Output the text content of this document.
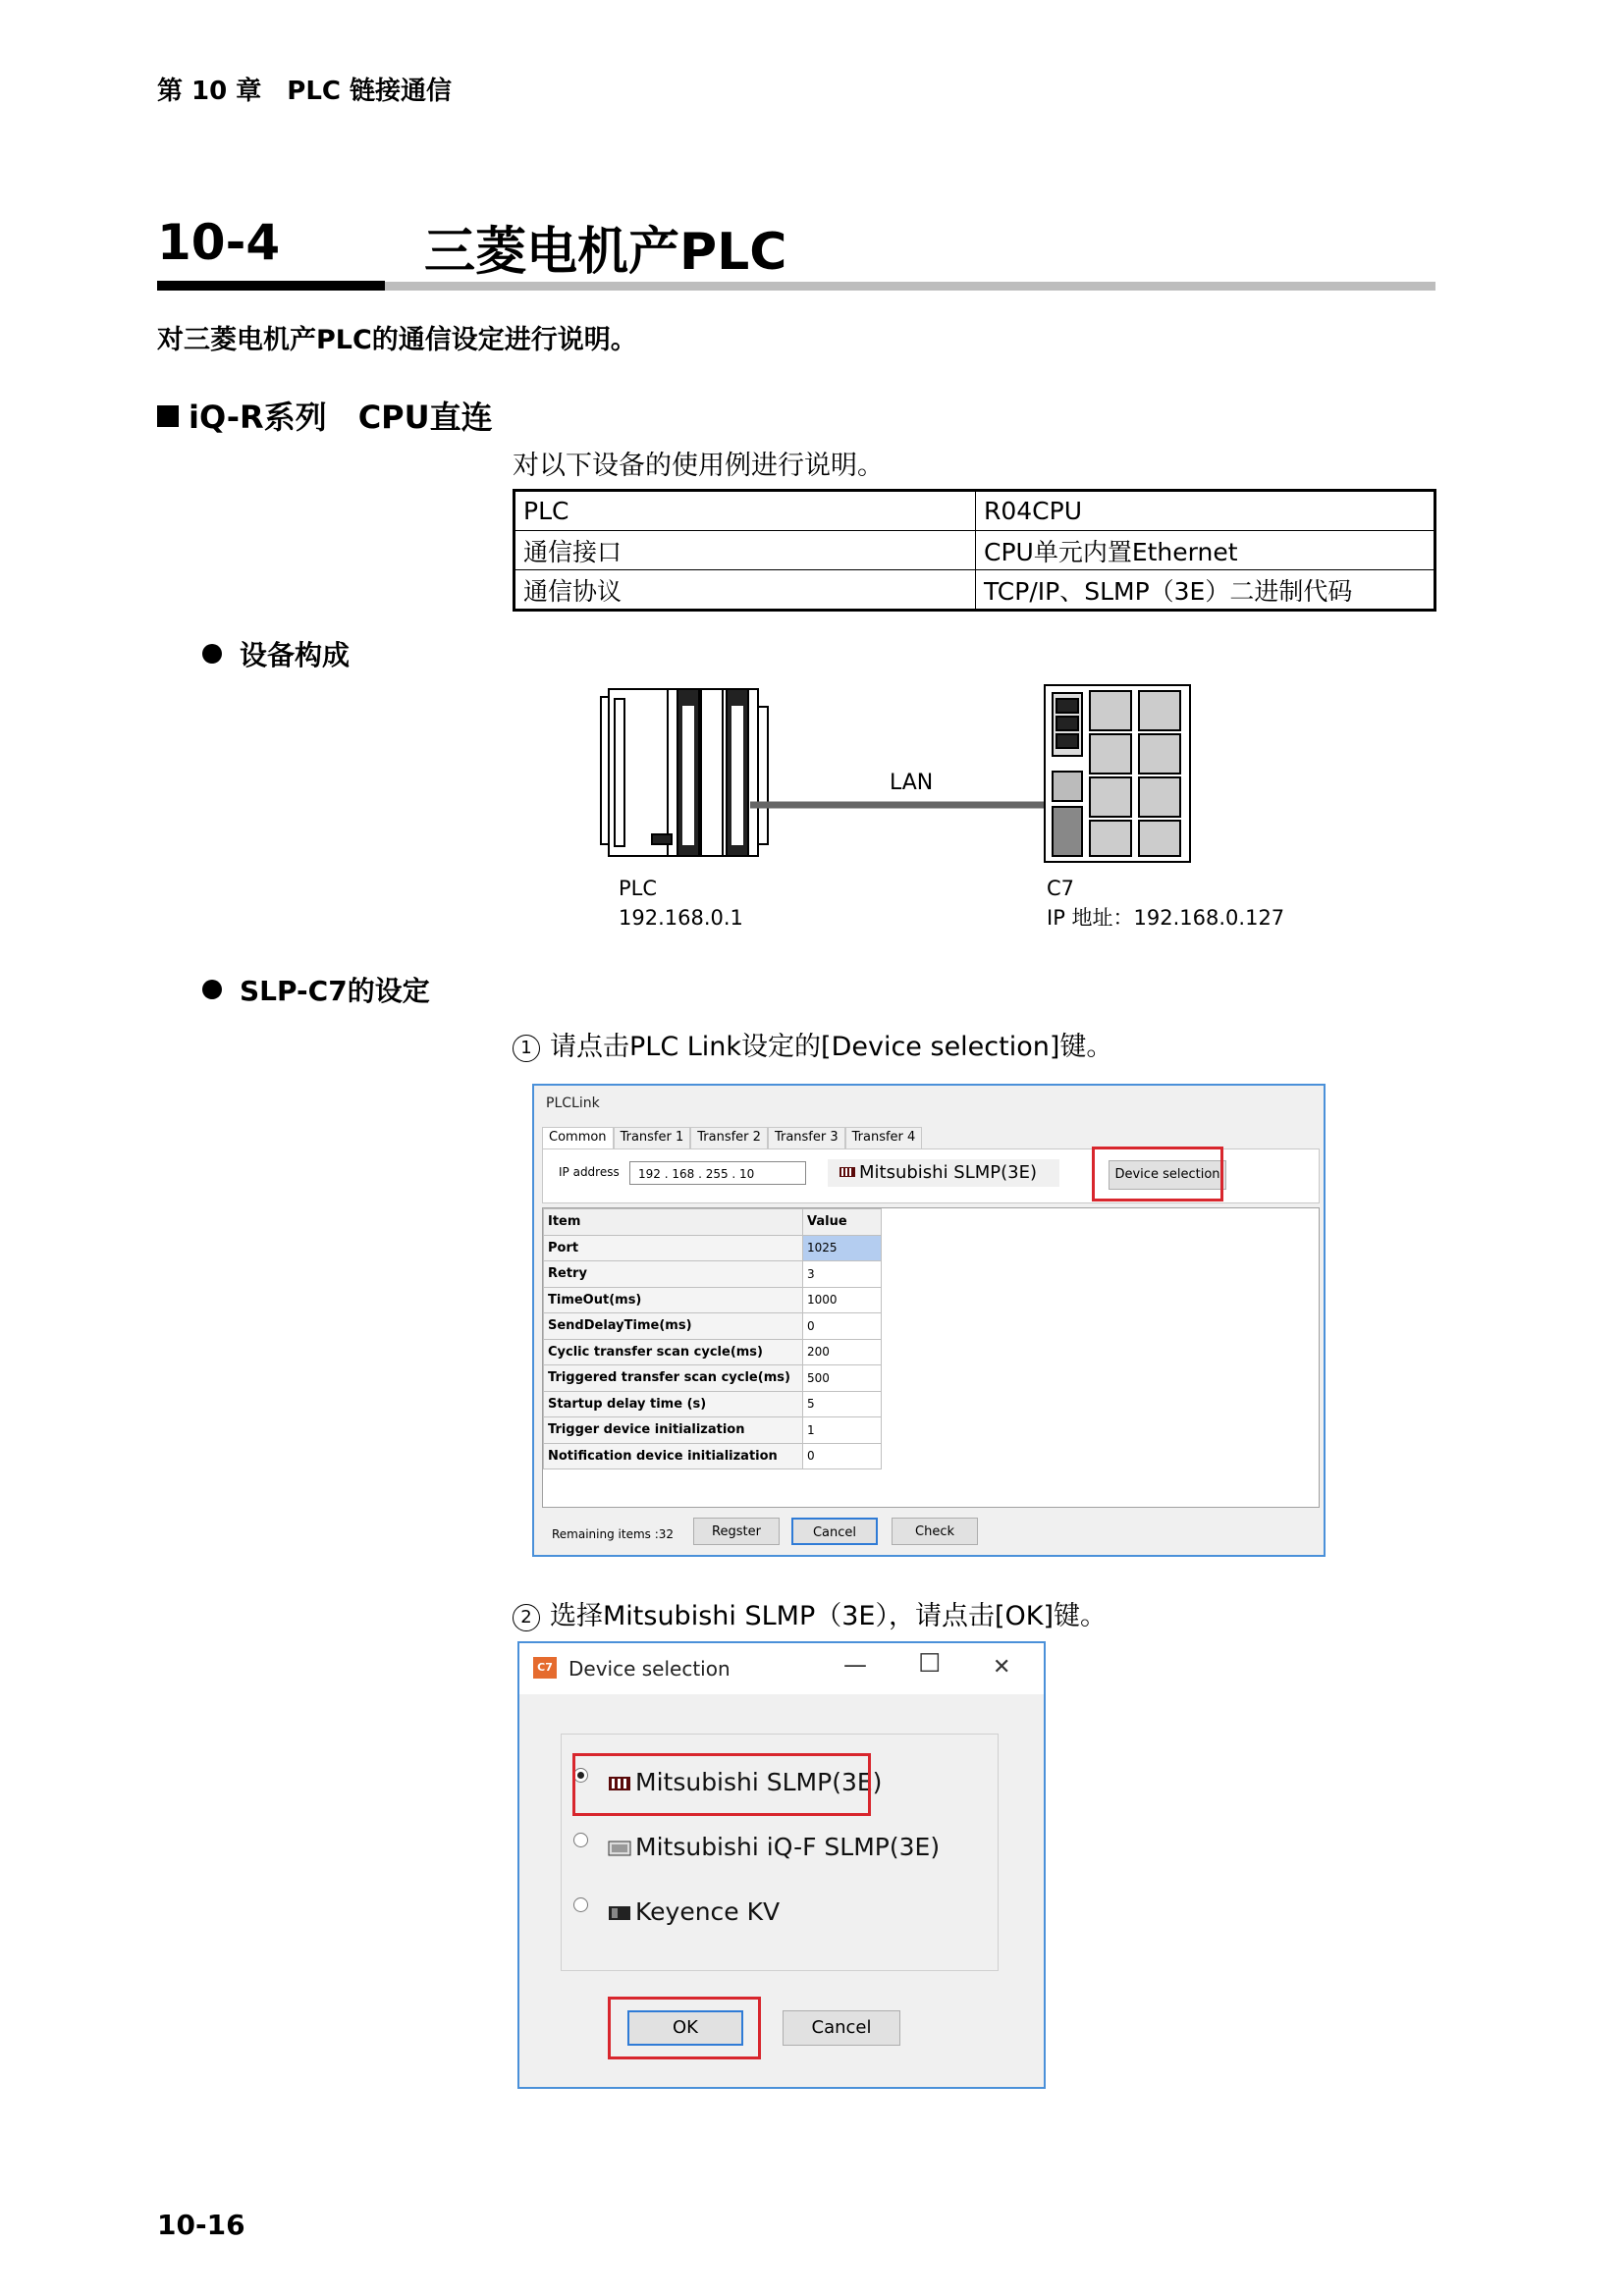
第 10 章　PLC 链接通信
10-4	三菱电机产PLC
对三菱电机产PLC的通信设定进行说明。
iQ-R系列　CPU直连
对以下设备的使用例进行说明。
PLC	R04CPU
通信接口	CPU单元内置Ethernet
通信协议	TCP/IP、SLMP（3E）二进制代码
设备构成
LAN
PLC
192.168.0.1
C7
IP 地址：192.168.0.127
SLP-C7的设定
1 请点击PLC Link设定的[Device selection]键。
PLCLink
Common	Transfer 1	Transfer 2	Transfer 3	Transfer 4
IP address	192 . 168 . 255 . 10	Mitsubishi SLMP(3E)	Device selection
Item	Value
Port	1025
Retry	3
TimeOut(ms)	1000
SendDelayTime(ms)	0
Cyclic transfer scan cycle(ms)	200
Triggered transfer scan cycle(ms)	500
Startup delay time (s)	5
Trigger device initialization	1
Notification device initialization	0
Remaining items :32	Regster	Cancel	Check
2 选择Mitsubishi SLMP（3E），请点击[OK]键。
C7 Device selection	— ☐ ✕
Mitsubishi SLMP(3E)
Mitsubishi iQ-F SLMP(3E)
Keyence KV
OK	Cancel
10-16
